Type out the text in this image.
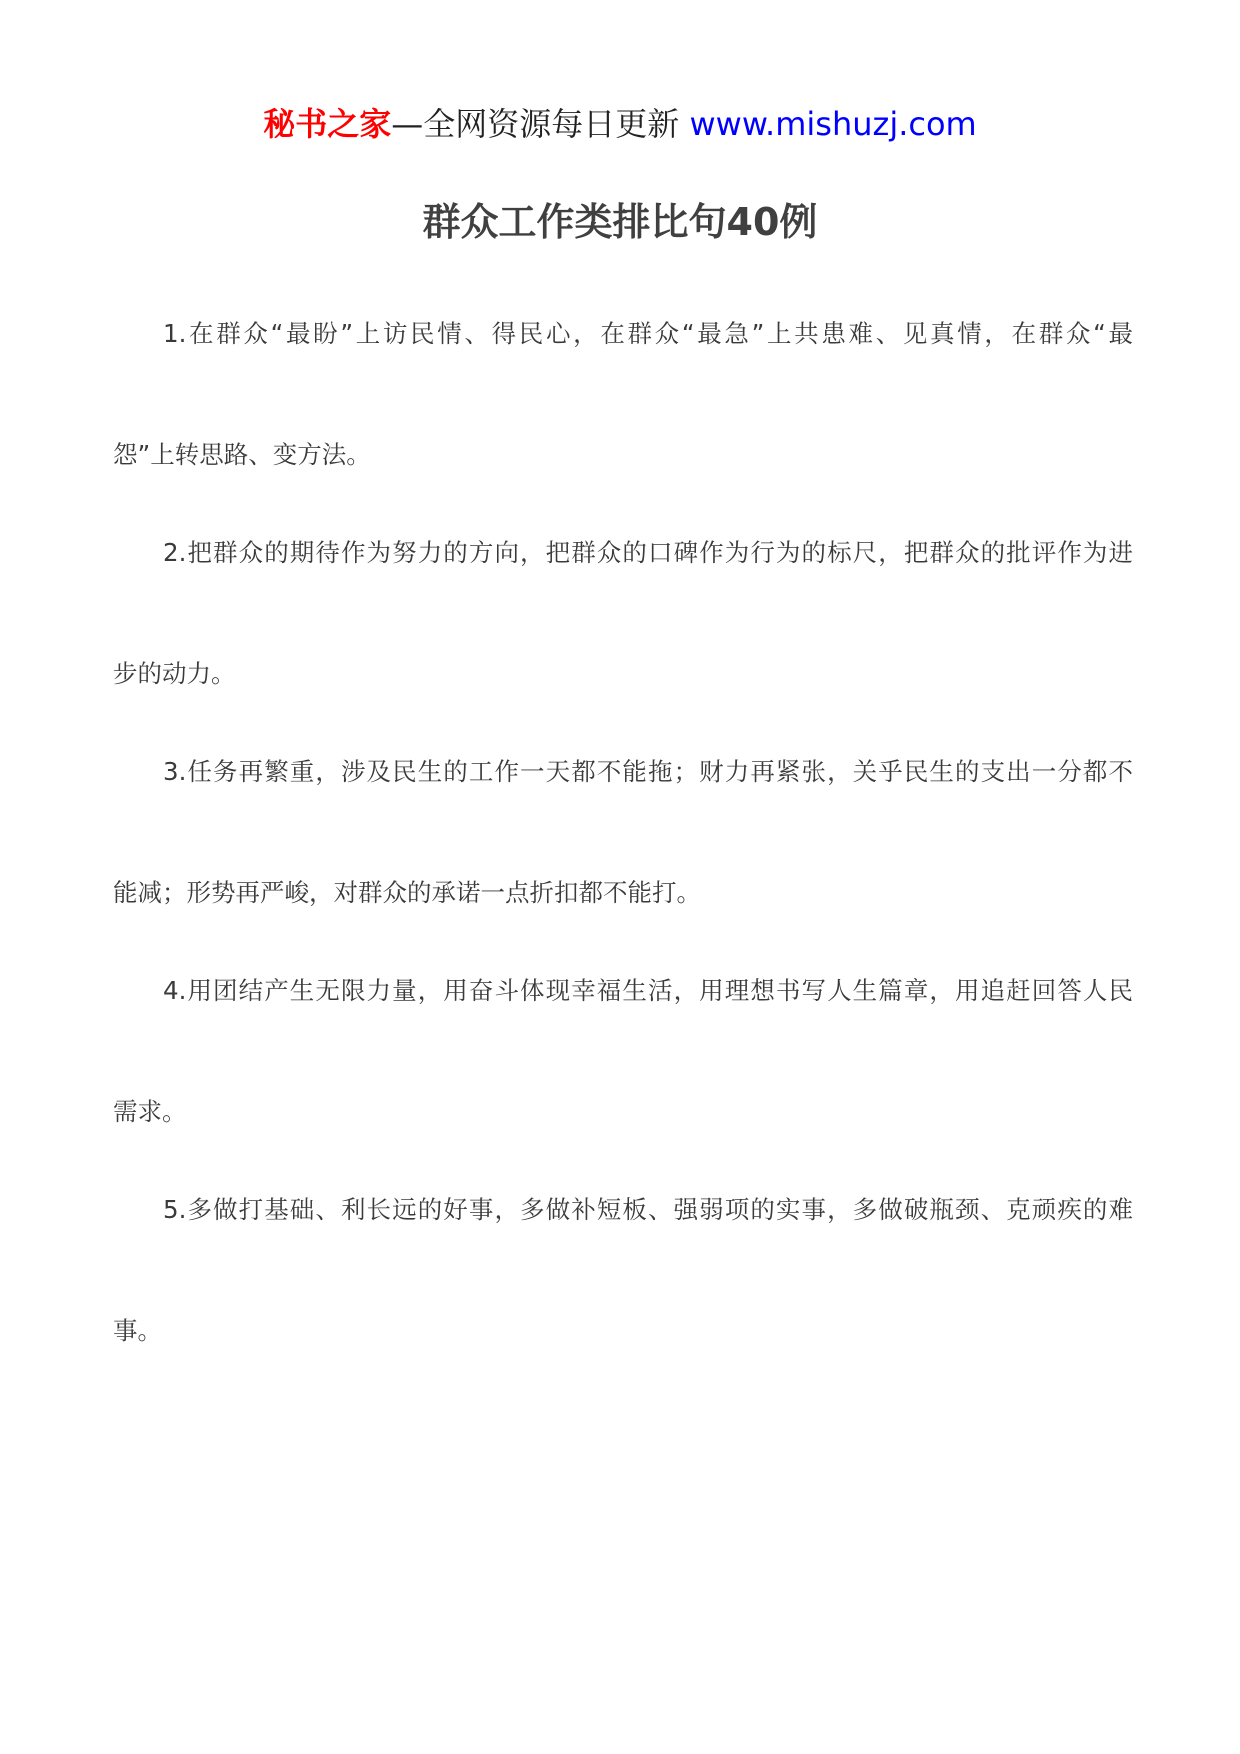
秘书之家—全网资源每日更新 www.mishuzj.com
群众工作类排比句40例

1.在群众“最盼”上访民情、得民心，在群众“最急”上共患难、见真情，在群众“最
怨”上转思路、变方法。

2.把群众的期待作为努力的方向，把群众的口碑作为行为的标尺，把群众的批评作为进
步的动力。

3.任务再繁重，涉及民生的工作一天都不能拖；财力再紧张，关乎民生的支出一分都不
能减；形势再严峻，对群众的承诺一点折扣都不能打。

4.用团结产生无限力量，用奋斗体现幸福生活，用理想书写人生篇章，用追赶回答人民
需求。

5.多做打基础、利长远的好事，多做补短板、强弱项的实事，多做破瓶颈、克顽疾的难
事。
